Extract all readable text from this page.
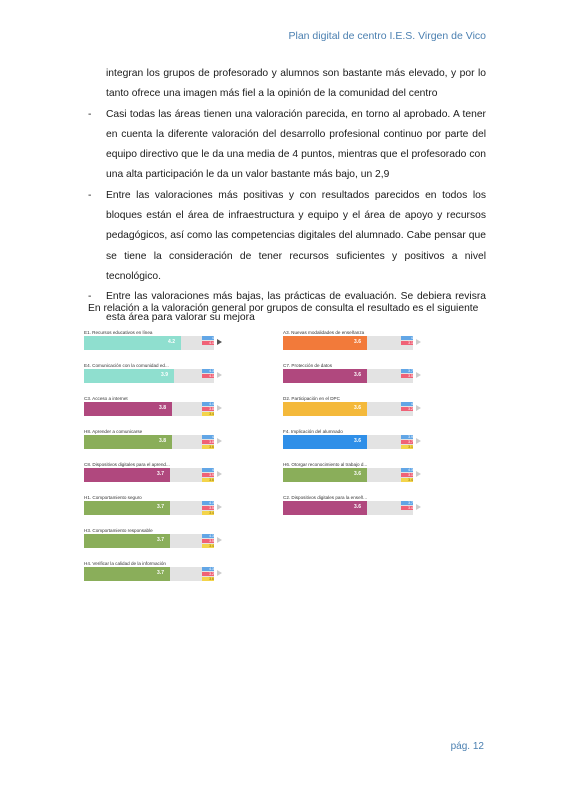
Plan digital de centro I.E.S. Virgen de Vico

integran los grupos de profesorado y alumnos son bastante más elevado, y por lo tanto ofrece una imagen más fiel a la opinión de la comunidad del centro

- Casi todas las áreas tienen una valoración parecida, en torno al aprobado. A tener en cuenta la diferente valoración del desarrollo profesional continuo por parte del equipo directivo que le da una media de 4 puntos, mientras que el profesorado con una alta participación le da un valor bastante más bajo, un 2,9
- Entre las valoraciones más positivas y con resultados parecidos en todos los bloques están el área de infraestructura y equipo y el área de apoyo y recursos pedagógicos, así como las competencias digitales del alumnado. Cabe pensar que se tiene la consideración de tener recursos suficientes y positivos a nivel tecnológico.
- Entre las valoraciones más bajas, las prácticas de evaluación. Se debiera revisra esta área para valorar su mejora
En relación a la valoración general por grupos de consulta el resultado es el siguiente
E1. Recursos educativos en línea
4.2
4
4.4
E4. Comunicación con la comunidad ed...
3.9
4.3
4.1
C3. Acceso a internet
3.8
4.4
3.8
3.4
H8. Aprender a comunicarse
3.8
4
3.8
3.6
C8. Dispositivos digitales para el aprend...
3.7
4
3.9
3.6
H1. Comportamiento seguro
3.7
4.3
3.5
3.4
H3. Comportamiento responsable
3.7
4.3
3.5
3.4
H4. Verificar la calidad de la información
3.7
4.3
3.2
3.6
A3. Nuevas modalidades de enseñanza
3.6
4
3.1
C7. Protección de datos
3.6
3.7
3.5
D2. Participación en el DPC
3.6
4
3.2
F4. Implicación del alumnado
3.6
3.9
3.7
3.1
H6. Otorgar reconocimiento al trabajo d...
3.6
4.3
3.1
3.4
C2. Dispositivos digitales para la enseñ...
3.6
3.7
3.4
pág. 12
